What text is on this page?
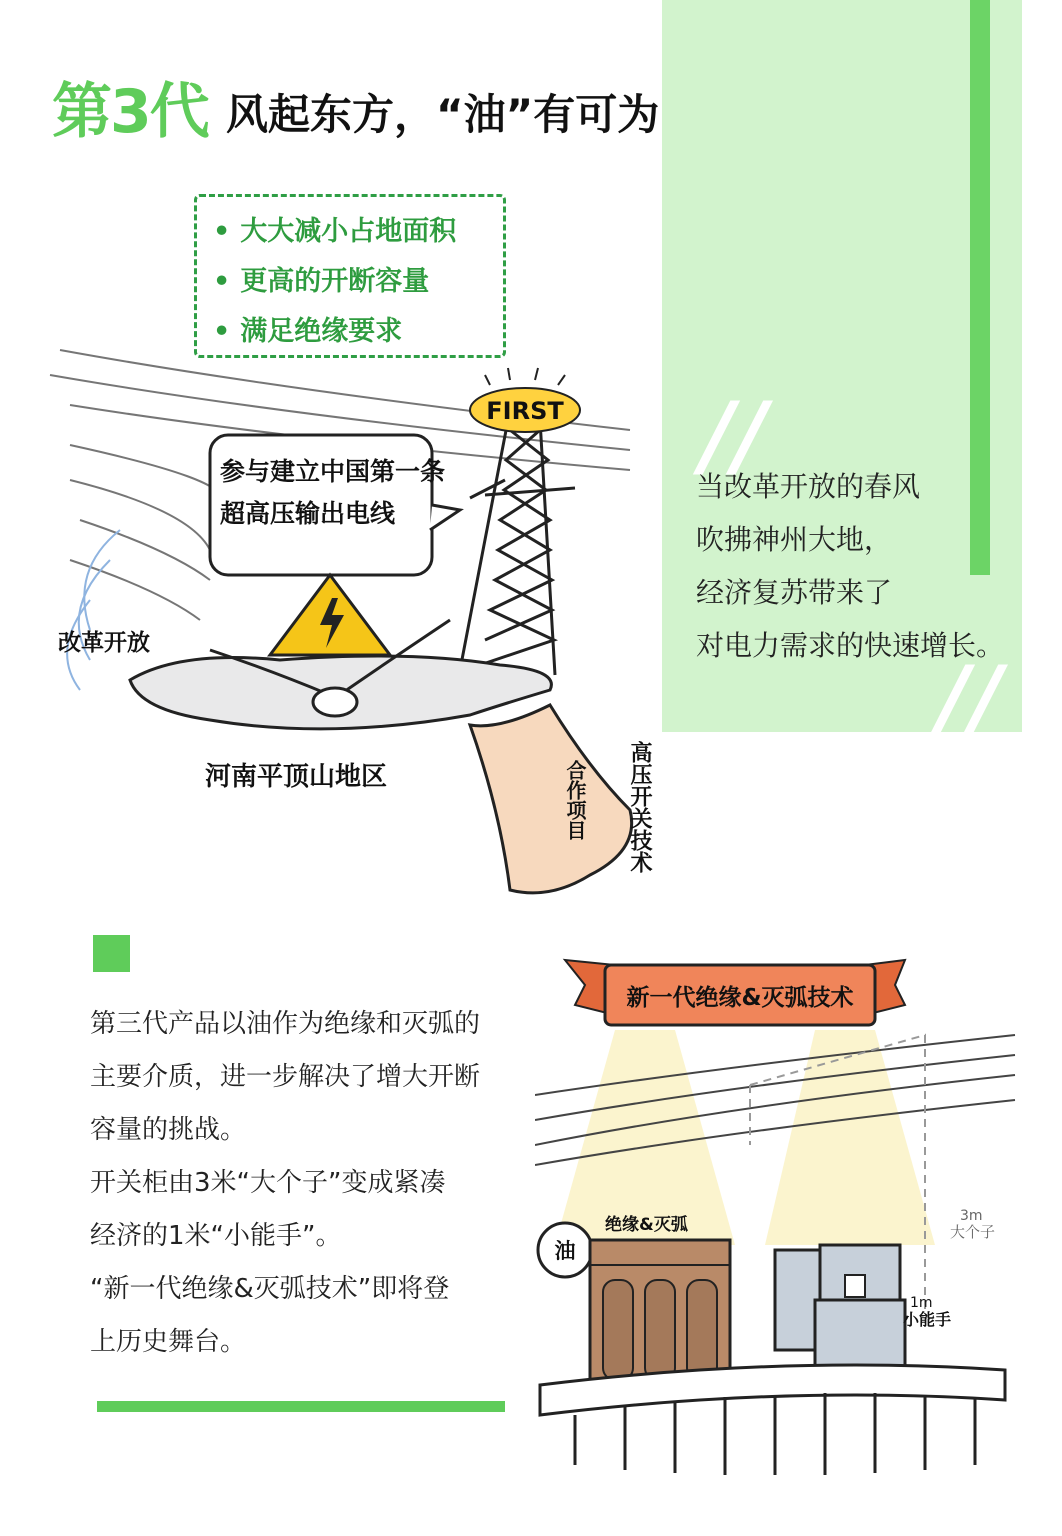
第3代 风起东方，“油”有可为
//
//
当改革开放的春风
吹拂神州大地，
经济复苏带来了
对电力需求的快速增长。
• 大大减小占地面积
• 更高的开断容量
• 满足绝缘要求
FIRST
参与建立中国第一条
超高压输出电线
改革开放
河南平顶山地区
高压开关技术
合作项目
第三代产品以油作为绝缘和灭弧的
主要介质，进一步解决了增大开断
容量的挑战。
开关柜由3米“大个子”变成紧凑
经济的1米“小能手”。
“新一代绝缘&灭弧技术”即将登
上历史舞台。
新一代绝缘&灭弧技术
3m
大个子
油
绝缘&灭弧
1m
小能手
